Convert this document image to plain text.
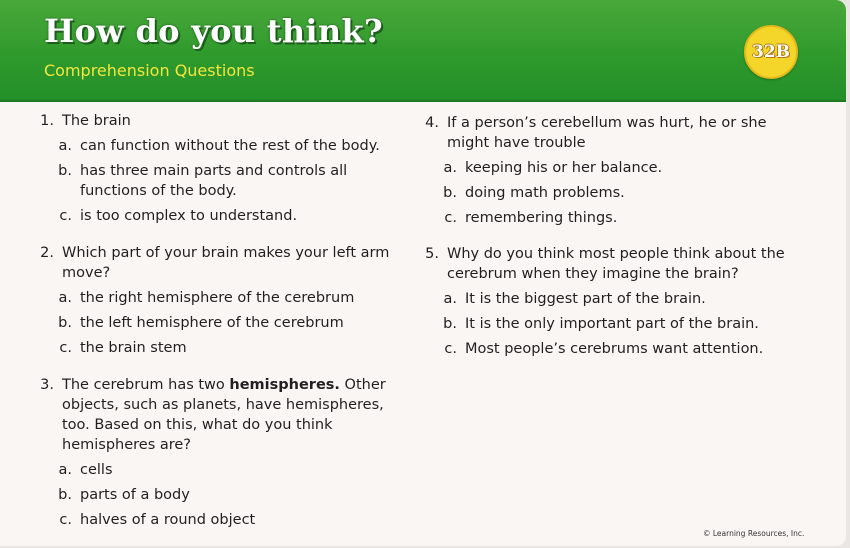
How do you think?
Comprehension Questions
32B
1. The brain
a. can function without the rest of the body.
b. has three main parts and controls all functions of the body.
c. is too complex to understand.
2. Which part of your brain makes your left arm move?
a. the right hemisphere of the cerebrum
b. the left hemisphere of the cerebrum
c. the brain stem
3. The cerebrum has two hemispheres. Other objects, such as planets, have hemispheres, too. Based on this, what do you think hemispheres are?
a. cells
b. parts of a body
c. halves of a round object
4. If a person’s cerebellum was hurt, he or she might have trouble
a. keeping his or her balance.
b. doing math problems.
c. remembering things.
5. Why do you think most people think about the cerebrum when they imagine the brain?
a. It is the biggest part of the brain.
b. It is the only important part of the brain.
c. Most people’s cerebrums want attention.
© Learning Resources, Inc.
